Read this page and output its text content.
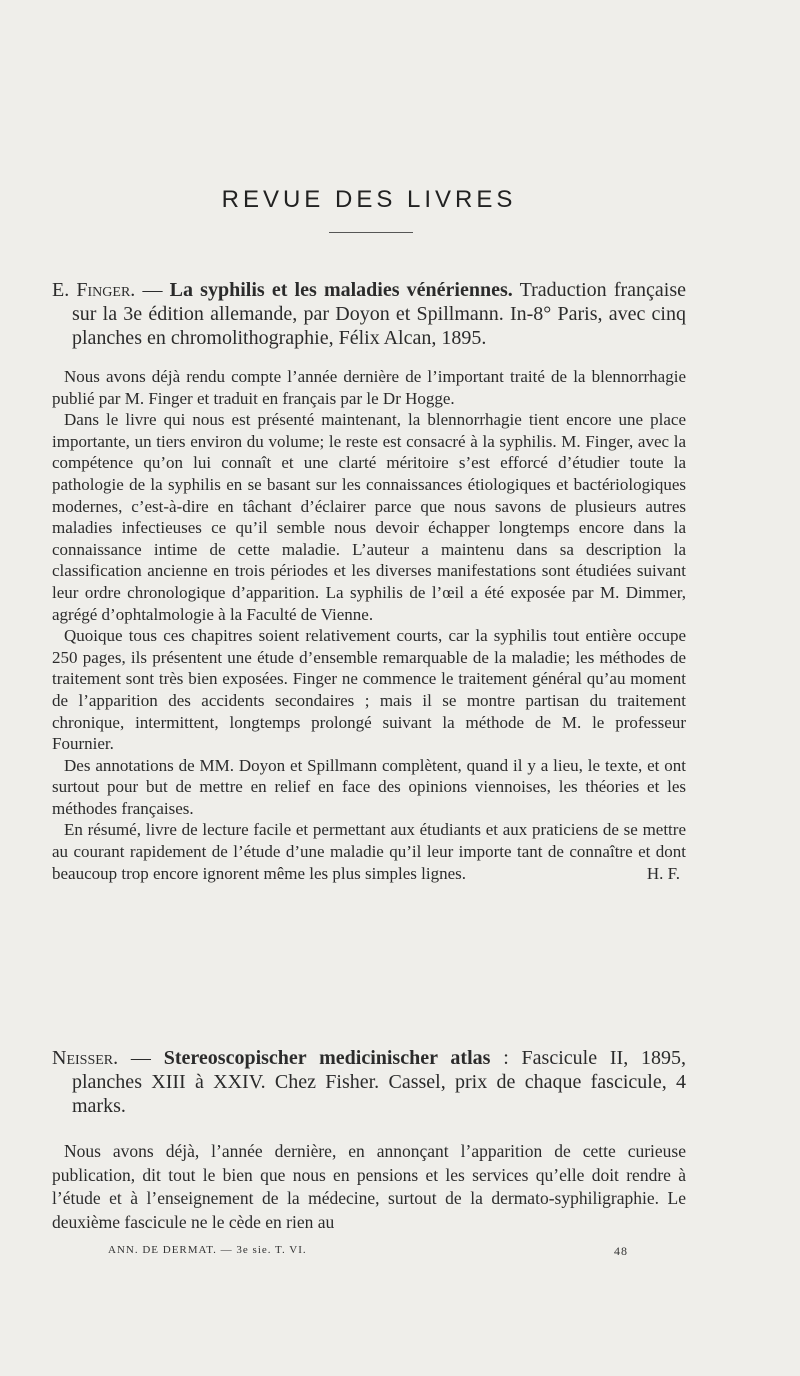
REVUE DES LIVRES
E. Finger. — La syphilis et les maladies vénériennes. Traduction française sur la 3e édition allemande, par Doyon et Spillmann. In-8° Paris, avec cinq planches en chromolithographie, Félix Alcan, 1895.

Nous avons déjà rendu compte l’année dernière de l’important traité de la blennorrhagie publié par M. Finger et traduit en français par le Dr Hogge.

Dans le livre qui nous est présenté maintenant, la blennorrhagie tient encore une place importante, un tiers environ du volume; le reste est consacré à la syphilis. M. Finger, avec la compétence qu’on lui connaît et une clarté méritoire s’est efforcé d’étudier toute la pathologie de la syphilis en se basant sur les connaissances étiologiques et bactériologiques modernes, c’est-à-dire en tâchant d’éclairer parce que nous savons de plusieurs autres maladies infectieuses ce qu’il semble nous devoir échapper longtemps encore dans la connaissance intime de cette maladie. L’auteur a maintenu dans sa description la classification ancienne en trois périodes et les diverses manifestations sont étudiées suivant leur ordre chronologique d’apparition. La syphilis de l’œil a été exposée par M. Dimmer, agrégé d’ophtalmologie à la Faculté de Vienne.

Quoique tous ces chapitres soient relativement courts, car la syphilis tout entière occupe 250 pages, ils présentent une étude d’ensemble remarquable de la maladie; les méthodes de traitement sont très bien exposées. Finger ne commence le traitement général qu’au moment de l’apparition des accidents secondaires ; mais il se montre partisan du traitement chronique, intermittent, longtemps prolongé suivant la méthode de M. le professeur Fournier.

Des annotations de MM. Doyon et Spillmann complètent, quand il y a lieu, le texte, et ont surtout pour but de mettre en relief en face des opinions viennoises, les théories et les méthodes françaises.

En résumé, livre de lecture facile et permettant aux étudiants et aux praticiens de se mettre au courant rapidement de l’étude d’une maladie qu’il leur importe tant de connaître et dont beaucoup trop encore ignorent même les plus simples lignes.	H. F.

Neisser. — Stereoscopischer medicinischer atlas : Fascicule II, 1895, planches XIII à XXIV. Chez Fisher. Cassel, prix de chaque fascicule, 4 marks.

Nous avons déjà, l’année dernière, en annonçant l’apparition de cette curieuse publication, dit tout le bien que nous en pensions et les services qu’elle doit rendre à l’étude et à l’enseignement de la médecine, surtout de la dermato-syphiligraphie. Le deuxième fascicule ne le cède en rien au

ANN. DE DERMAT. — 3e sie. T. VI.	48
